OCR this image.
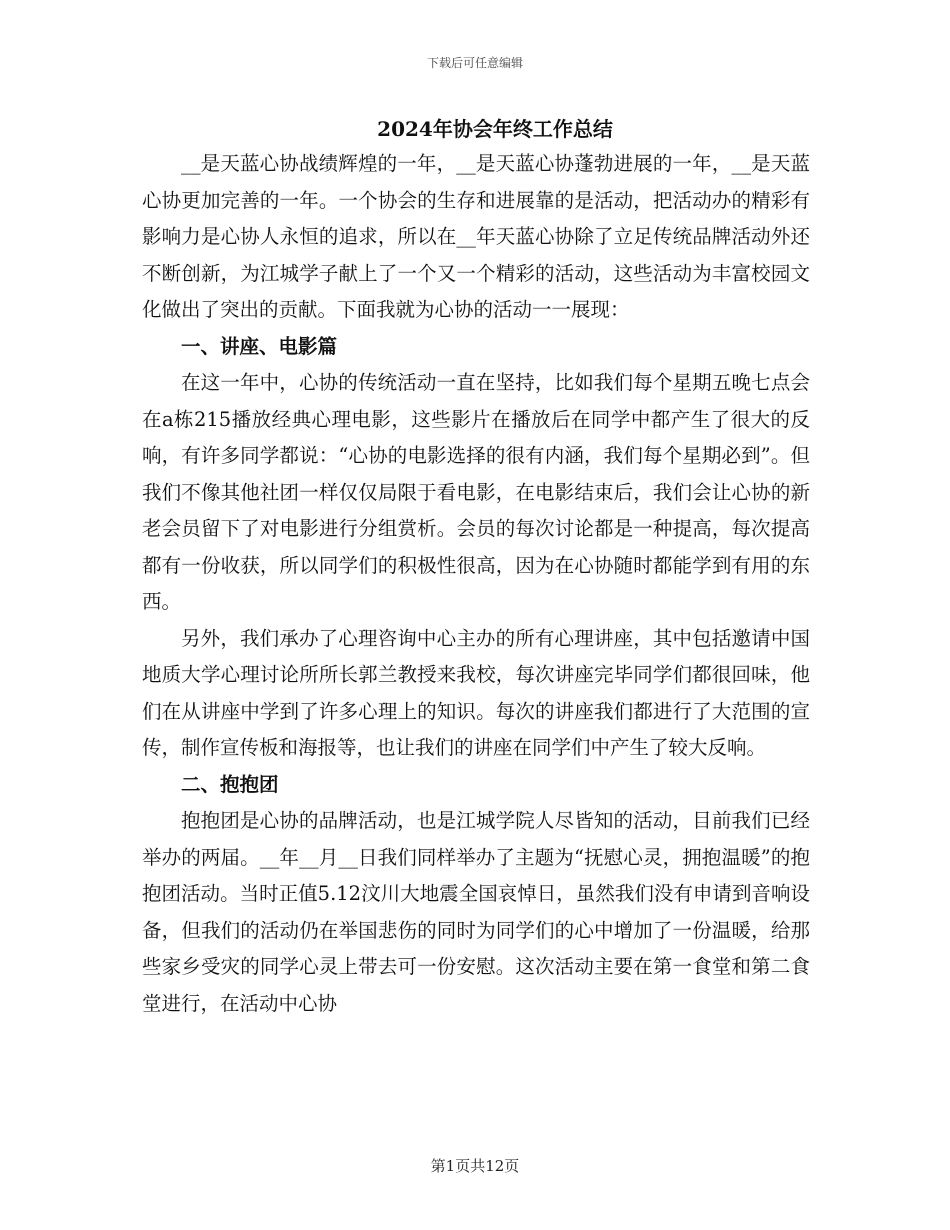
下载后可任意编辑
2024年协会年终工作总结

__是天蓝心协战绩辉煌的一年，__是天蓝心协蓬勃进展的一年，__是天蓝心协更加完善的一年。一个协会的生存和进展靠的是活动，把活动办的精彩有影响力是心协人永恒的追求，所以在__年天蓝心协除了立足传统品牌活动外还不断创新，为江城学子献上了一个又一个精彩的活动，这些活动为丰富校园文化做出了突出的贡献。下面我就为心协的活动一一展现：

一、讲座、电影篇

在这一年中，心协的传统活动一直在坚持，比如我们每个星期五晚七点会在a栋215播放经典心理电影，这些影片在播放后在同学中都产生了很大的反响，有许多同学都说：“心协的电影选择的很有内涵，我们每个星期必到”。但我们不像其他社团一样仅仅局限于看电影，在电影结束后，我们会让心协的新老会员留下了对电影进行分组赏析。会员的每次讨论都是一种提高，每次提高都有一份收获，所以同学们的积极性很高，因为在心协随时都能学到有用的东西。

另外，我们承办了心理咨询中心主办的所有心理讲座，其中包括邀请中国地质大学心理讨论所所长郭兰教授来我校，每次讲座完毕同学们都很回味，他们在从讲座中学到了许多心理上的知识。每次的讲座我们都进行了大范围的宣传，制作宣传板和海报等，也让我们的讲座在同学们中产生了较大反响。

二、抱抱团

抱抱团是心协的品牌活动，也是江城学院人尽皆知的活动，目前我们已经举办的两届。__年__月__日我们同样举办了主题为“抚慰心灵，拥抱温暖”的抱抱团活动。当时正值5.12汶川大地震全国哀悼日，虽然我们没有申请到音响设备，但我们的活动仍在举国悲伤的同时为同学们的心中增加了一份温暖，给那些家乡受灾的同学心灵上带去可一份安慰。这次活动主要在第一食堂和第二食堂进行，在活动中心协

第1页共12页
